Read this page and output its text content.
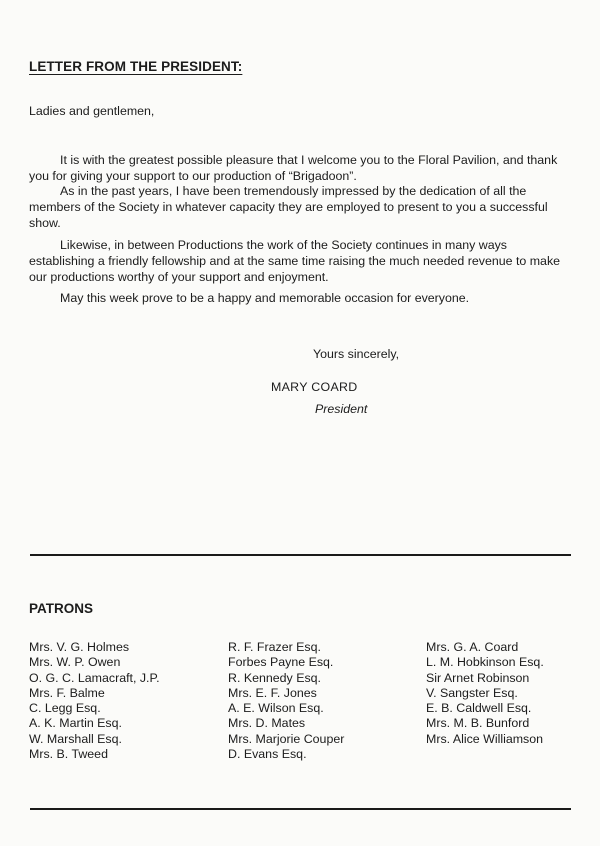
LETTER FROM THE PRESIDENT:
Ladies and gentlemen,

It is with the greatest possible pleasure that I welcome you to the Floral Pavilion, and thank you for giving your support to our production of “Brigadoon”.

As in the past years, I have been tremendously impressed by the dedication of all the members of the Society in whatever capacity they are employed to present to you a successful show.

Likewise, in between Productions the work of the Society continues in many ways establishing a friendly fellowship and at the same time raising the much needed revenue to make our productions worthy of your support and enjoyment.

May this week prove to be a happy and memorable occasion for everyone.

Yours sincerely,
MARY COARD
President
PATRONS
Mrs. V. G. Holmes
Mrs. W. P. Owen
O. G. C. Lamacraft, J.P.
Mrs. F. Balme
C. Legg Esq.
A. K. Martin Esq.
W. Marshall Esq.
Mrs. B. Tweed
R. F. Frazer Esq.
Forbes Payne Esq.
R. Kennedy Esq.
Mrs. E. F. Jones
A. E. Wilson Esq.
Mrs. D. Mates
Mrs. Marjorie Couper
D. Evans Esq.
Mrs. G. A. Coard
L. M. Hobkinson Esq.
Sir Arnet Robinson
V. Sangster Esq.
E. B. Caldwell Esq.
Mrs. M. B. Bunford
Mrs. Alice Williamson
